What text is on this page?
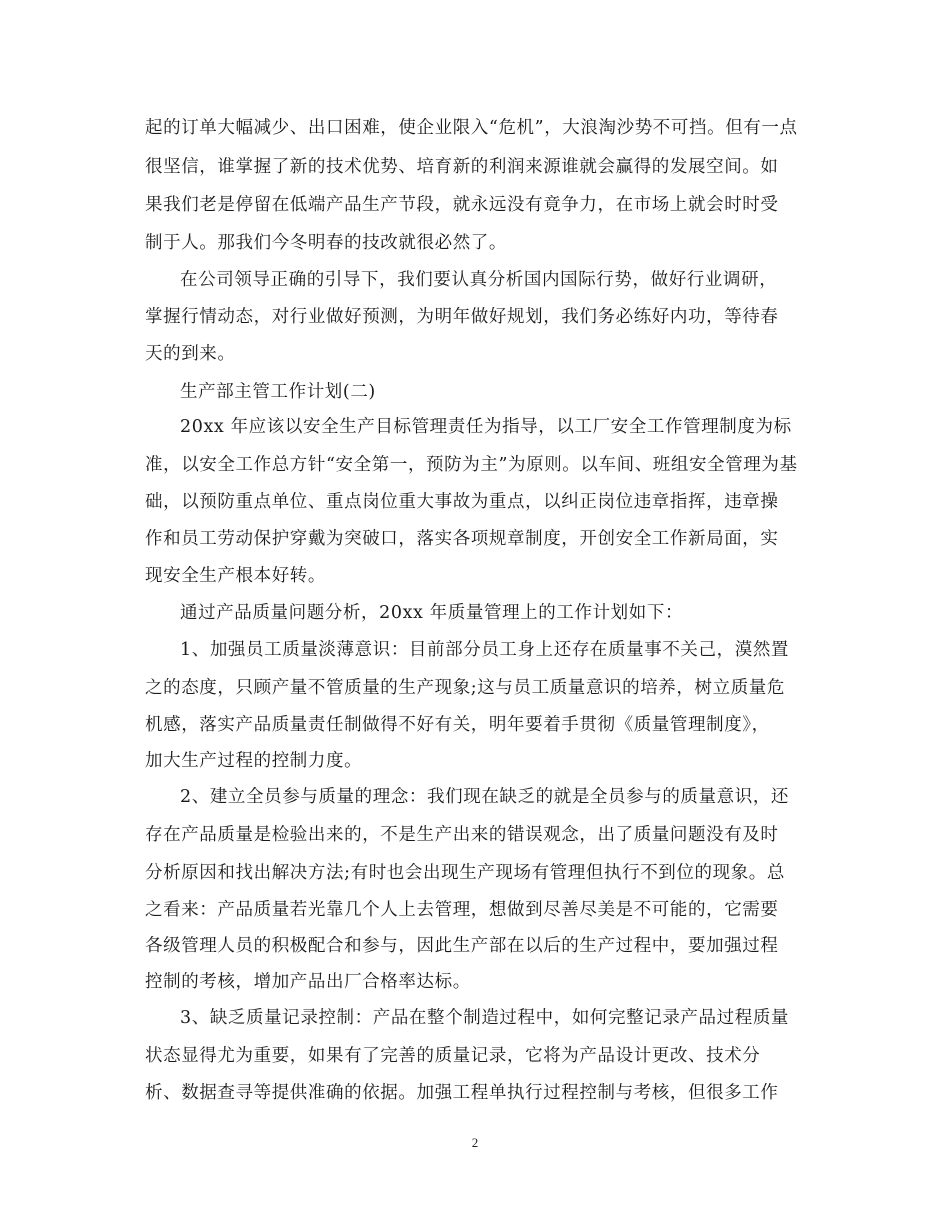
起的订单大幅减少、出口困难，使企业限入“危机”，大浪淘沙势不可挡。但有一点

很坚信，谁掌握了新的技术优势、培育新的利润来源谁就会赢得的发展空间。如

果我们老是停留在低端产品生产节段，就永远没有竟争力，在市场上就会时时受

制于人。那我们今冬明春的技改就很必然了。

在公司领导正确的引导下，我们要认真分析国内国际行势，做好行业调研，

掌握行情动态，对行业做好预测，为明年做好规划，我们务必练好内功，等待春

天的到来。

生产部主管工作计划(二)

20xx 年应该以安全生产目标管理责任为指导，以工厂安全工作管理制度为标

准，以安全工作总方针“安全第一，预防为主”为原则。以车间、班组安全管理为基

础，以预防重点单位、重点岗位重大事故为重点，以纠正岗位违章指挥，违章操

作和员工劳动保护穿戴为突破口，落实各项规章制度，开创安全工作新局面，实

现安全生产根本好转。

通过产品质量问题分析，20xx 年质量管理上的工作计划如下：

1、加强员工质量淡薄意识：目前部分员工身上还存在质量事不关己，漠然置

之的态度，只顾产量不管质量的生产现象;这与员工质量意识的培养，树立质量危

机感，落实产品质量责任制做得不好有关，明年要着手贯彻《质量管理制度》，

加大生产过程的控制力度。

2、建立全员参与质量的理念：我们现在缺乏的就是全员参与的质量意识，还

存在产品质量是检验出来的，不是生产出来的错误观念，出了质量问题没有及时

分析原因和找出解决方法;有时也会出现生产现场有管理但执行不到位的现象。总

之看来：产品质量若光靠几个人上去管理，想做到尽善尽美是不可能的，它需要

各级管理人员的积极配合和参与，因此生产部在以后的生产过程中，要加强过程

控制的考核，增加产品出厂合格率达标。

3、缺乏质量记录控制：产品在整个制造过程中，如何完整记录产品过程质量

状态显得尤为重要，如果有了完善的质量记录，它将为产品设计更改、技术分

析、数据查寻等提供准确的依据。加强工程单执行过程控制与考核，但很多工作

2
